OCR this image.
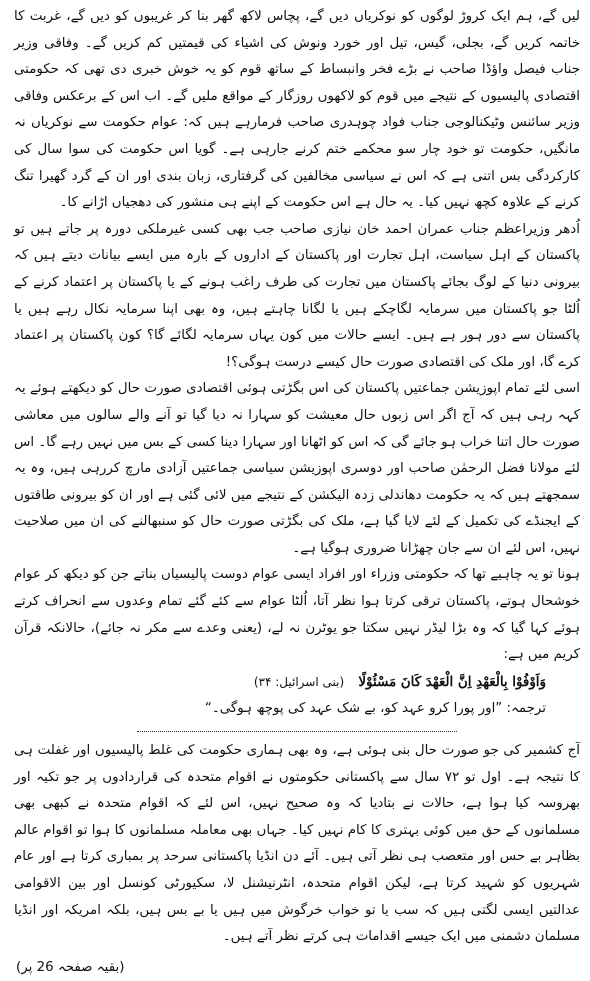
لیں گے، ہم ایک کروڑ لوگوں کو نوکریاں دیں گے، پچاس لاکھ گھر بنا کر غریبوں کو دیں گے، غربت کا خاتمہ کریں گے، بجلی، گیس، تیل اور خورد ونوش کی اشیاء کی قیمتیں کم کریں گے۔ وفاقی وزیر جناب فیصل واؤڈا صاحب نے بڑے فخر وانبساط کے ساتھ قوم کو یہ خوش خبری دی تھی کہ حکومتی اقتصادی پالیسیوں کے نتیجے میں قوم کو لاکھوں روزگار کے مواقع ملیں گے۔ اب اس کے برعکس وفاقی وزیر سائنس وٹیکنالوجی جناب فواد چوہدری صاحب فرمارہے ہیں کہ: عوام حکومت سے نوکریاں نہ مانگیں، حکومت تو خود چار سو محکمے ختم کرنے جارہی ہے۔ گویا اس حکومت کی سوا سال کی کارکردگی بس اتنی ہے کہ اس نے سیاسی مخالفین کی گرفتاری، زبان بندی اور ان کے گرد گھیرا تنگ کرنے کے علاوہ کچھ نہیں کیا۔ یہ حال ہے اس حکومت کے اپنے ہی منشور کی دھجیاں اڑانے کا۔

اُدھر وزیراعظم جناب عمران احمد خان نیازی صاحب جب بھی کسی غیرملکی دورہ پر جاتے ہیں تو پاکستان کے اہل سیاست، اہل تجارت اور پاکستان کے اداروں کے بارہ میں ایسے بیانات دیتے ہیں کہ بیرونی دنیا کے لوگ بجائے پاکستان میں تجارت کی طرف راغب ہونے کے یا پاکستان پر اعتماد کرنے کے اُلٹا جو پاکستان میں سرمایہ لگاچکے ہیں یا لگانا چاہتے ہیں، وہ بھی اپنا سرمایہ نکال رہے ہیں یا پاکستان سے دور ہور ہے ہیں۔ ایسے حالات میں کون یہاں سرمایہ لگائے گا؟ کون پاکستان پر اعتماد کرے گا، اور ملک کی اقتصادی صورت حال کیسے درست ہوگی؟!

اسی لئے تمام اپوزیشن جماعتیں پاکستان کی اس بگڑتی ہوئی اقتصادی صورت حال کو دیکھتے ہوئے یہ کہہ رہی ہیں کہ آج اگر اس زبوں حال معیشت کو سہارا نہ دیا گیا تو آنے والے سالوں میں معاشی صورت حال اتنا خراب ہو جائے گی کہ اس کو اٹھانا اور سہارا دینا کسی کے بس میں نہیں رہے گا۔ اس لئے مولانا فضل الرحمٰن صاحب اور دوسری اپوزیشن سیاسی جماعتیں آزادی مارچ کررہی ہیں، وہ یہ سمجھتے ہیں کہ یہ حکومت دھاندلی زدہ الیکشن کے نتیجے میں لائی گئی ہے اور ان کو بیرونی طاقتوں کے ایجنڈے کی تکمیل کے لئے لایا گیا ہے، ملک کی بگڑتی صورت حال کو سنبھالنے کی ان میں صلاحیت نہیں، اس لئے ان سے جان چھڑانا ضروری ہوگیا ہے۔

ہونا تو یہ چاہیے تھا کہ حکومتی وزراء اور افراد ایسی عوام دوست پالیسیاں بناتے جن کو دیکھ کر عوام خوشحال ہوتے، پاکستان ترقی کرتا ہوا نظر آتا، اُلٹا عوام سے کئے گئے تمام وعدوں سے انحراف کرتے ہوئے کہا گیا کہ وہ بڑا لیڈر نہیں سکتا جو یوٹرن نہ لے، (یعنی وعدے سے مکر نہ جائے)، حالانکہ قرآن کریم میں ہے:

وَاَوْفُوْا بِالْعَهْدِ اِنَّ الْعَهْدَ كَانَ مَسْئُوْلًا (بنی اسرائیل: ۳۴)
ترجمہ: ”اور پورا کرو عہد کو، بے شک عہد کی پوچھ ہوگی۔“

آج کشمیر کی جو صورت حال بنی ہوئی ہے، وہ بھی ہماری حکومت کی غلط پالیسیوں اور غفلت ہی کا نتیجہ ہے۔ اول تو ۷۲ سال سے پاکستانی حکومتوں نے اقوام متحدہ کی قراردادوں پر جو تکیہ اور بھروسہ کیا ہوا ہے، حالات نے بتادیا کہ وہ صحیح نہیں، اس لئے کہ اقوام متحدہ نے کبھی بھی مسلمانوں کے حق میں کوئی بہتری کا کام نہیں کیا۔ جہاں بھی معاملہ مسلمانوں کا ہوا تو اقوام عالم بظاہر بے حس اور متعصب ہی نظر آتی ہیں۔ آئے دن انڈیا پاکستانی سرحد پر بمباری کرتا ہے اور عام شہریوں کو شہید کرتا ہے، لیکن اقوام متحدہ، انٹرنیشنل لا، سکیورٹی کونسل اور بین الاقوامی عدالتیں ایسی لگتی ہیں کہ سب یا تو خواب خرگوش میں ہیں یا بے بس ہیں، بلکہ امریکہ اور انڈیا مسلمان دشمنی میں ایک جیسے اقدامات ہی کرتے نظر آتے ہیں۔

(بقیہ صفحہ 26 پر)
